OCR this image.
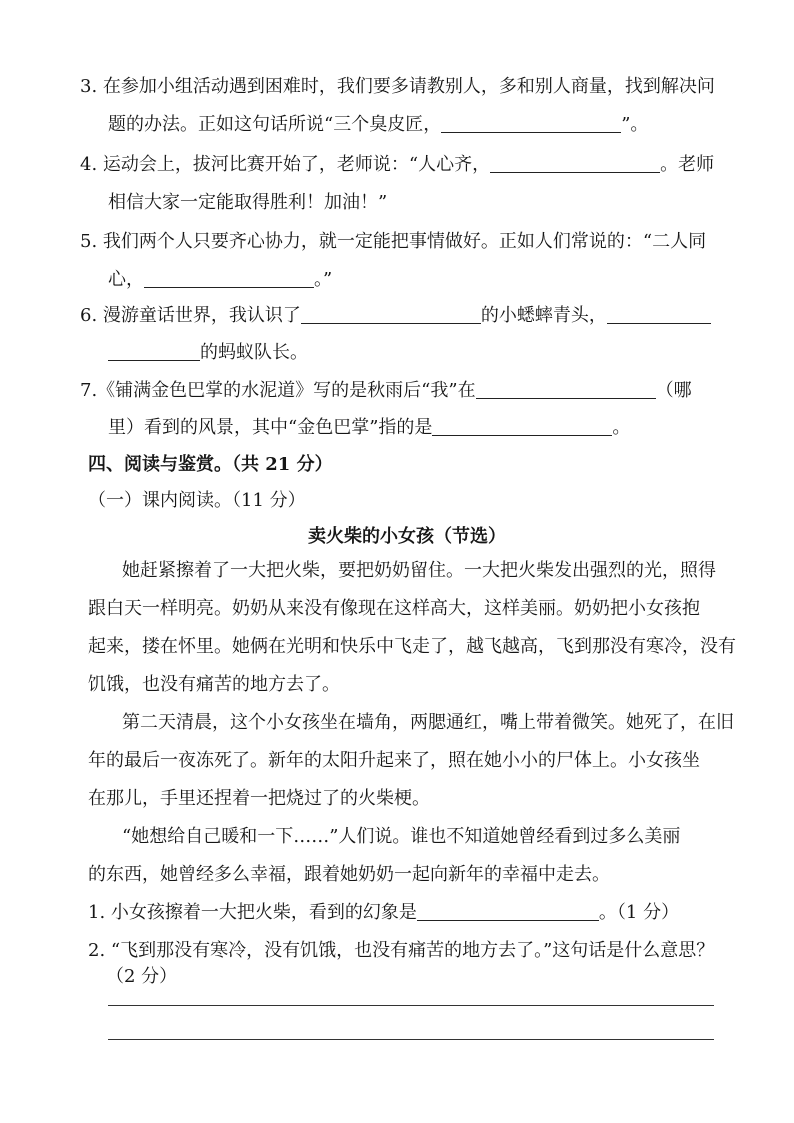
3. 在参加小组活动遇到困难时，我们要多请教别人，多和别人商量，找到解决问
题的办法。正如这句话所说“三个臭皮匠，	”。
4. 运动会上，拔河比赛开始了，老师说：“人心齐，	。老师
相信大家一定能取得胜利！加油！”
5. 我们两个人只要齐心协力，就一定能把事情做好。正如人们常说的：“二人同
心，	。”
6. 漫游童话世界，我认识了	的小蟋蟀青头，
的蚂蚁队长。
7.《铺满金色巴掌的水泥道》写的是秋雨后“我”在	（哪
里）看到的风景，其中“金色巴掌”指的是	。
四、阅读与鉴赏。（共 21 分）
（一）课内阅读。（11 分）
卖火柴的小女孩（节选）
她赶紧擦着了一大把火柴，要把奶奶留住。一大把火柴发出强烈的光，照得
跟白天一样明亮。奶奶从来没有像现在这样高大，这样美丽。奶奶把小女孩抱
起来，搂在怀里。她俩在光明和快乐中飞走了，越飞越高，飞到那没有寒冷，没有
饥饿，也没有痛苦的地方去了。
第二天清晨，这个小女孩坐在墙角，两腮通红，嘴上带着微笑。她死了，在旧
年的最后一夜冻死了。新年的太阳升起来了，照在她小小的尸体上。小女孩坐
在那儿，手里还捏着一把烧过了的火柴梗。
“她想给自己暖和一下……”人们说。谁也不知道她曾经看到过多么美丽
的东西，她曾经多么幸福，跟着她奶奶一起向新年的幸福中走去。
1. 小女孩擦着一大把火柴，看到的幻象是	。（1 分）
2. “飞到那没有寒冷，没有饥饿，也没有痛苦的地方去了。”这句话是什么意思？
（2 分）
